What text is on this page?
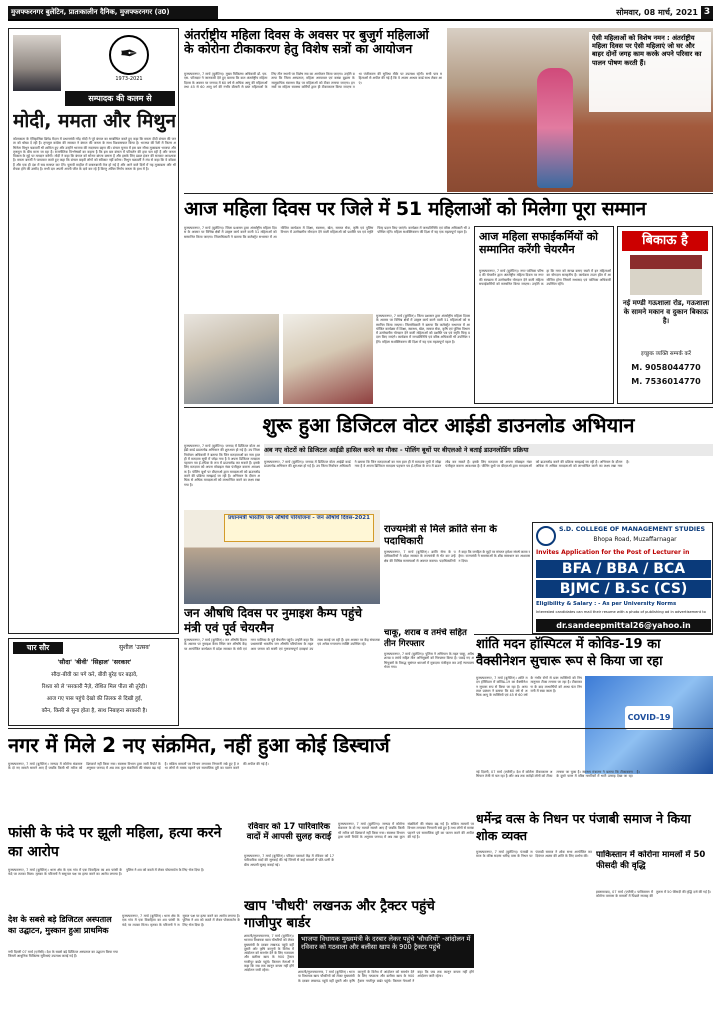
मुजफ्फरनगर बुलेटिन, प्रातःकालीन दैनिक, मुजफ्फरनगर (उ0)	सोमवार, 08 मार्च, 2021 3
✒
1973-2021
सम्पादक की कलम से
मोदी, ममता और मिथुन
कोलकाता के ऐतिहासिक ब्रिगेड मैदान में प्रधानमंत्री नरेंद्र मोदी ने पूरे बंगाल का सम्बोधित करते हुए कहा कि ममता दीदी बंगाल की जनता को धोखा दे रही हैं। तृणमूल कांग्रेस की सरकार ने बंगाल की जनता के साथ विश्वासघात किया है। भाजपा की रैली में फिल्म अभिनेता मिथुन चक्रवर्ती भी शामिल हुए और उन्होंने भाजपा की सदस्यता ग्रहण की। बंगाल चुनाव में इस बार सीधा मुकाबला भाजपा और तृणमूल के बीच माना जा रहा है। राजनीतिक विश्लेषकों का कहना है कि इस बार बंगाल में परिवर्तन की हवा चल रही है और जनता विकास के मुद्दे पर मतदान करेगी। मोदी ने कहा कि बंगाल को सोनार बांग्ला बनाना है और इसके लिए डबल इंजन की सरकार आवश्यक है। ममता बनर्जी ने पलटवार करते हुए कहा कि बंगाल बाहरी लोगों को स्वीकार नहीं करेगा। मिथुन चक्रवर्ती ने मंच से कहा कि वे कोबरा हैं और एक ही दंश में सब समाप्त कर देंगे। चुनावी माहौल में बयानबाजी तेज हो गई है और आने वाले दिनों में यह मुकाबला और भी रोचक होने की उम्मीद है। सभी दल अपनी अपनी जीत के दावे कर रहे हैं किन्तु अंतिम निर्णय जनता के हाथ में है।
अंतर्राष्ट्रीय महिला दिवस के अवसर पर बुजुर्ग महिलाओं के कोरोना टीकाकरण हेतु विशेष सत्रों का आयोजन
मुजफ्फरनगर, 7 मार्च (बुलेटिन)। मुख्य चिकित्सा अधिकारी डॉ. एम.एस. फौजदार ने जानकारी देते हुए बताया कि कल अंतर्राष्ट्रीय महिला दिवस के अवसर पर जनपद में 60 वर्ष से अधिक आयु की महिलाओं तथा 45 से 60 आयु वर्ग की गंभीर बीमारी से ग्रस्त महिलाओं के लिए तीन स्थानों पर विशेष सत्र का आयोजन किया जाएगा। उन्होंने बताया कि जिला अस्पताल, महिला अस्पताल एवं कस्बा बुढ़ाना के सामुदायिक स्वास्थ्य केंद्र पर महिलाओं को टीका लगाया जाएगा। इन सत्रों पर महिला स्वास्थ्य कर्मियों द्वारा ही टीकाकरण किया जाएगा तथा पंजीकरण की सुविधा मौके पर उपलब्ध रहेगी। सभी पात्र महिलाओं से अपील की गई है कि वे अपना आधार कार्ड साथ लेकर आएं।
ऐसी महिलाओं को विशेष नमन : अंतर्राष्ट्रीय महिला दिवस पर ऐसी महिलाएं जो घर और बाहर दोनों जगह काम करके अपने परिवार का पालन पोषण करती हैं।
आज महिला दिवस पर जिले में 51 महिलाओं को मिलेगा पूरा सम्मान
मुजफ्फरनगर, 7 मार्च (बुलेटिन)। जिला प्रशासन द्वारा अंतर्राष्ट्रीय महिला दिवस के अवसर पर विभिन्न क्षेत्रों में उत्कृष्ट कार्य करने वाली 51 महिलाओं को सम्मानित किया जाएगा। जिलाधिकारी ने बताया कि कलेक्ट्रेट सभागार में आयोजित कार्यक्रम में शिक्षा, स्वास्थ्य, खेल, समाज सेवा, कृषि एवं पुलिस विभाग में उल्लेखनीय योगदान देने वाली महिलाओं को प्रशस्ति पत्र एवं स्मृति चिन्ह प्रदान किए जाएंगे। कार्यक्रम में जनप्रतिनिधि एवं वरिष्ठ अधिकारी भी उपस्थित रहेंगे। महिला सशक्तिकरण की दिशा में यह एक महत्वपूर्ण पहल है।
मुजफ्फरनगर, 7 मार्च (बुलेटिन)। जिला प्रशासन द्वारा अंतर्राष्ट्रीय महिला दिवस के अवसर पर विभिन्न क्षेत्रों में उत्कृष्ट कार्य करने वाली 51 महिलाओं को सम्मानित किया जाएगा। जिलाधिकारी ने बताया कि कलेक्ट्रेट सभागार में आयोजित कार्यक्रम में शिक्षा, स्वास्थ्य, खेल, समाज सेवा, कृषि एवं पुलिस विभाग में उल्लेखनीय योगदान देने वाली महिलाओं को प्रशस्ति पत्र एवं स्मृति चिन्ह प्रदान किए जाएंगे। कार्यक्रम में जनप्रतिनिधि एवं वरिष्ठ अधिकारी भी उपस्थित रहेंगे। महिला सशक्तिकरण की दिशा में यह एक महत्वपूर्ण पहल है।
आज महिला सफाईकर्मियों को सम्मानित करेंगी चेयरमैन
मुजफ्फरनगर, 7 मार्च (बुलेटिन)। नगर पालिका परिषद की चेयरमैन द्वारा अंतर्राष्ट्रीय महिला दिवस पर नगर की स्वच्छता में उल्लेखनीय योगदान देने वाली महिला सफाईकर्मियों को सम्मानित किया जाएगा। उन्होंने कहा कि नगर को स्वच्छ बनाए रखने में इन महिलाओं का योगदान सराहनीय है। कार्यक्रम टाउन हॉल में आयोजित होगा जिसमें सभासद एवं पालिका अधिकारी उपस्थित रहेंगे।
बिकाऊ है
नई मण्डी गऊशाला रोड, गऊशाला के सामने मकान व दुकान बिकाऊ है।
इच्छुक व्यक्ति सम्पर्क करें
M. 9058044770
M. 7536014770
शुरू हुआ डिजिटल वोटर आईडी डाउनलोड अभियान
अब नए वोटरों को डिजिटल आईडी हासिल करने का मौका - पोलिंग बूथों पर बीएलओ ने बताई डाउनलोडिंग प्रक्रिया
मुजफ्फरनगर, 7 मार्च (बुलेटिन)। जनपद में डिजिटल वोटर आईडी कार्ड डाउनलोड अभियान की शुरुआत हो गई है। उप जिला निर्वाचन अधिकारी ने बताया कि जिन मतदाताओं का नाम हाल ही में मतदाता सूची में जोड़ा गया है वे अपना डिजिटल मतदाता पहचान पत्र ई-एपिक के रूप में डाउनलोड कर सकते हैं। इसके लिए मतदाता को अपना मोबाइल नंबर पंजीकृत कराना आवश्यक है। पोलिंग बूथों पर बीएलओ द्वारा मतदाताओं को डाउनलोड करने की प्रक्रिया समझाई जा रही है। अभियान के दौरान अधिक से अधिक मतदाताओं को लाभान्वित करने का लक्ष्य रखा गया है।
मुजफ्फरनगर, 7 मार्च (बुलेटिन)। जनपद में डिजिटल वोटर आईडी कार्ड डाउनलोड अभियान की शुरुआत हो गई है। उप जिला निर्वाचन अधिकारी ने बताया कि जिन मतदाताओं का नाम हाल ही में मतदाता सूची में जोड़ा गया है वे अपना डिजिटल मतदाता पहचान पत्र ई-एपिक के रूप में डाउनलोड कर सकते हैं। इसके लिए मतदाता को अपना मोबाइल नंबर पंजीकृत कराना आवश्यक है। पोलिंग बूथों पर बीएलओ द्वारा मतदाताओं को डाउनलोड करने की प्रक्रिया समझाई जा रही है। अभियान के दौरान अधिक से अधिक मतदाताओं को लाभान्वित करने का लक्ष्य रखा गया है।
प्रधानमंत्री भारतीय जन औषधि परियोजना - जन औषधि दिवस-2021
जन औषधि दिवस पर नुमाइश कैम्प पहुंचे मंत्री एवं पूर्व चेयरमैन
मुजफ्फरनगर, 7 मार्च (बुलेटिन)। जन औषधि दिवस के अवसर पर नुमाइश कैम्प स्थित जन औषधि केंद्र पर आयोजित कार्यक्रम में प्रदेश सरकार के मंत्री एवं नगर पालिका के पूर्व चेयरमैन पहुंचे। उन्होंने कहा कि प्रधानमंत्री भारतीय जन औषधि परियोजना के तहत आम जनता को सस्ती एवं गुणवत्तापूर्ण दवाइयां उपलब्ध कराई जा रही हैं। इस अवसर पर केंद्र संचालक एवं अनेक गणमान्य व्यक्ति उपस्थित रहे।
S.D. COLLEGE OF MANAGEMENT STUDIES
Bhopa Road, Muzaffarnagar
Invites Application for the Post of Lecturer in
BFA / BBA / BCA
BJMC / B.Sc (CS)
Eligibility & Salary : - As per University Norms
Interested candidates can mail their resume with a photo of publishing ad in advertisement to
dr.sandeepmittal26@yahoo.in
राज्यमंत्री से मिले क्रांति सेना के पदाधिकारी
मुजफ्फरनगर, 7 मार्च (बुलेटिन)। क्रांति सेना के पदाधिकारियों ने प्रदेश सरकार के राज्यमंत्री से भेंट कर उन्हें क्षेत्र की विभिन्न समस्याओं से अवगत कराया। पदाधिकारियों ने कहा कि जनहित के मुद्दों पर संगठन हमेशा संघर्ष करता रहेगा। राज्यमंत्री ने समस्याओं के शीघ्र समाधान का आश्वासन दिया।
चार सौर	सुशील 'उत्सव'
'सौदा' 'बीवी' 'सिहाल' 'सरकार'
सौदा-बीवी का पगे करे, बीवी बुरेड़ घर बढ़ावे,
रिश्ता सो ले 'सरकारी नैज़े, रोशित मिल पीता सी तुरेड़ी।
आज गए पास पहुंचे देखो की तिलक से दिखी हुई,
कौन, किसी से सुना होता है, साथ निबाहना सरकारी है।
चाकू, शराब व तमंचे सहित तीन गिरफ्तार
मुजफ्फरनगर, 7 मार्च (बुलेटिन)। पुलिस ने अभियान के तहत चाकू, अवैध शराब व तमंचे सहित तीन अभियुक्तों को गिरफ्तार किया है। पकड़े गए अभियुक्तों के विरुद्ध सुसंगत धाराओं में मुकदमा पंजीकृत कर उन्हें न्यायालय भेजा गया।
शांति मदन हॉस्पिटल में कोविड-19 का वैक्सीनेशन सुचारू रूप से किया जा रहा
मुजफ्फरनगर, 7 मार्च (बुलेटिन)। शांति मदन हॉस्पिटल में कोविड-19 का वैक्सीनेशन सुचारू रूप से किया जा रहा है। अस्पताल प्रबंधन ने बताया कि 60 वर्ष से अधिक आयु के व्यक्तियों एवं 45 से 60 वर्ष के गंभीर रोगों से ग्रस्त व्यक्तियों को नियमानुसार टीका लगाया जा रहा है। टीकाकरण के बाद लाभार्थियों को आधा घंटा निगरानी में रखा जाता है।
COVID-19
नगर में मिले 2 नए संक्रमित, नहीं हुआ कोई डिस्चार्ज
मुजफ्फरनगर, 7 मार्च (बुलेटिन)। जनपद में कोरोना संक्रमण के दो नए मामले सामने आए हैं जबकि किसी भी मरीज को डिस्चार्ज नहीं किया गया। स्वास्थ्य विभाग द्वारा जारी रिपोर्ट के अनुसार जनपद में अब तक कुल संक्रमितों की संख्या बढ़ गई है। सक्रिय मामलों पर विभाग लगातार निगरानी रखे हुए है तथा लोगों से मास्क पहनने एवं सामाजिक दूरी का पालन करने की अपील की गई है।
नई दिल्ली, 07 मार्च (एजेंसी)। देश में कोरोना टीकाकरण अभियान तेजी से चल रहा है और अब तक करोड़ों लोगों को टीका लगाया जा चुका है। स्वास्थ्य मंत्रालय ने बताया कि टीकाकरण के दूसरे चरण में वरिष्ठ नागरिकों में भारी उत्साह देखा जा रहा है।
रविवार को 17 पारिवारिक वादों में आपसी सुलह कराई
मुजफ्फरनगर, 7 मार्च (बुलेटिन)। परिवार परामर्श केंद्र में रविवार को 17 पारिवारिक वादों की सुनवाई की गई जिनमें से कई मामलों में पति-पत्नी के बीच आपसी सुलह कराई गई।
मुजफ्फरनगर, 7 मार्च (बुलेटिन)। जनपद में कोरोना संक्रमण के दो नए मामले सामने आए हैं जबकि किसी भी मरीज को डिस्चार्ज नहीं किया गया। स्वास्थ्य विभाग द्वारा जारी रिपोर्ट के अनुसार जनपद में अब तक कुल संक्रमितों की संख्या बढ़ गई है। सक्रिय मामलों पर विभाग लगातार निगरानी रखे हुए है तथा लोगों से मास्क पहनने एवं सामाजिक दूरी का पालन करने की अपील की गई है।
फांसी के फंदे पर झूली महिला, हत्या करने का आरोप
मुजफ्फरनगर, 7 मार्च (बुलेटिन)। थाना क्षेत्र के एक गांव में एक विवाहिता का शव फांसी के फंदे पर लटका मिला। मृतका के परिजनों ने ससुराल पक्ष पर हत्या करने का आरोप लगाया है। पुलिस ने शव को कब्जे में लेकर पोस्टमार्टम के लिए भेज दिया है।
देश के सबसे बड़े डिजिटल अस्पताल का उद्घाटन, मुस्कान हुआ प्राथमिक
नयी दिल्ली 07 मार्च (एजेंसी)। देश के सबसे बड़े डिजिटल अस्पताल का उद्घाटन किया गया जिसमें आधुनिक चिकित्सा सुविधाएं उपलब्ध कराई गई हैं।
मुजफ्फरनगर, 7 मार्च (बुलेटिन)। थाना क्षेत्र के एक गांव में एक विवाहिता का शव फांसी के फंदे पर लटका मिला। मृतका के परिजनों ने ससुराल पक्ष पर हत्या करने का आरोप लगाया है। पुलिस ने शव को कब्जे में लेकर पोस्टमार्टम के लिए भेज दिया है।
खाप 'चौधरी' लखनऊ और ट्रैक्टर पहुंचे गाजीपुर बार्डर
भाजपा विधायक मुख्यमंत्री के दरबार लेकर पहुंचे 'चौधरियों' -आंदोलन में रविवार को गठवाला और बलीसा खाप के 900 ट्रैक्टर पहुंचे
शामली/मुजफ्फरनगर, 7 मार्च (बुलेटिन)। भाजपा विधायक खाप चौधरियों को लेकर मुख्यमंत्री के दरबार लखनऊ पहुंचे वहीं दूसरी ओर कृषि कानूनों के विरोध में आंदोलन को समर्थन देने के लिए गठवाला और बलीसा खाप के 900 ट्रैक्टर गाजीपुर बार्डर पहुंचे। किसान नेताओं ने कहा कि जब तक कानून वापस नहीं होंगे आंदोलन जारी रहेगा।	शामली/मुजफ्फरनगर, 7 मार्च (बुलेटिन)। भाजपा विधायक खाप चौधरियों को लेकर मुख्यमंत्री के दरबार लखनऊ पहुंचे वहीं दूसरी ओर कृषि कानूनों के विरोध में आंदोलन को समर्थन देने के लिए गठवाला और बलीसा खाप के 900 ट्रैक्टर गाजीपुर बार्डर पहुंचे। किसान नेताओं ने कहा कि जब तक कानून वापस नहीं होंगे आंदोलन जारी रहेगा।
धर्मेन्द्र वत्स के निधन पर पंजाबी समाज ने किया शोक व्यक्त
मुजफ्फरनगर, 7 मार्च (बुलेटिन)। पंजाबी समाज के वरिष्ठ सदस्य धर्मेन्द्र वत्स के निधन पर पंजाबी समाज ने शोक सभा आयोजित कर दिवंगत आत्मा की शांति के लिए प्रार्थना की। पाकिस्तान में कोरोना मामलों में 50 फीसदी की वृद्धि
इस्लामाबाद, 07 मार्च (एजेंसी)। पाकिस्तान में कोरोना वायरस के मामलों में पिछले सप्ताह की तुलना में 50 फीसदी की वृद्धि दर्ज की गई है।
